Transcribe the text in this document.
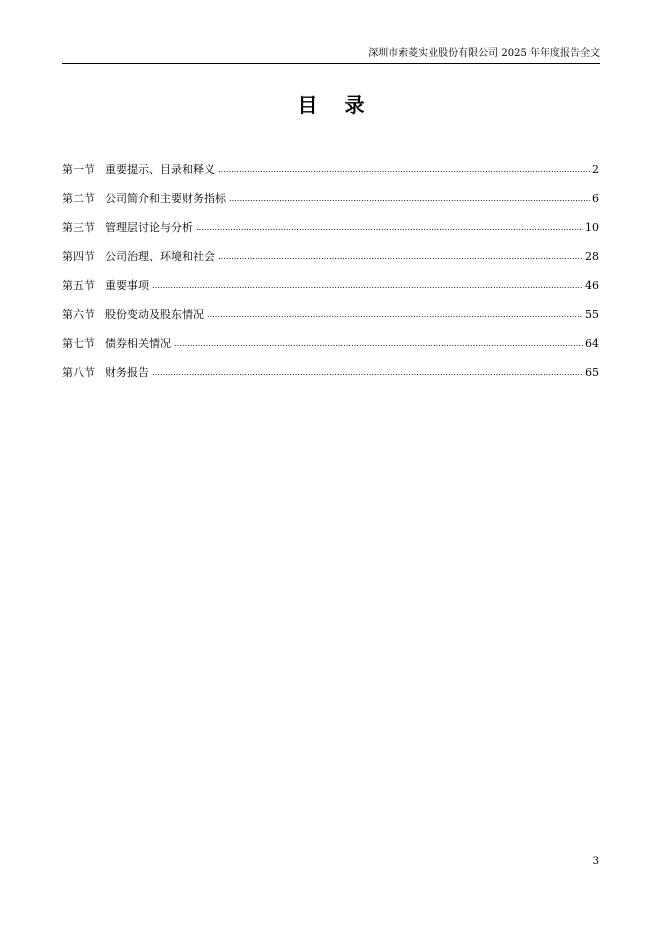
深圳市索菱实业股份有限公司 2025 年年度报告全文
目 录
第一节 重要提示、目录和释义 .....	2
第二节 公司简介和主要财务指标 .....	6
第三节 管理层讨论与分析 .....	10
第四节 公司治理、环境和社会 .....	28
第五节 重要事项 .....	46
第六节 股份变动及股东情况 .....	55
第七节 债券相关情况 .....	64
第八节 财务报告 .....	65
3
